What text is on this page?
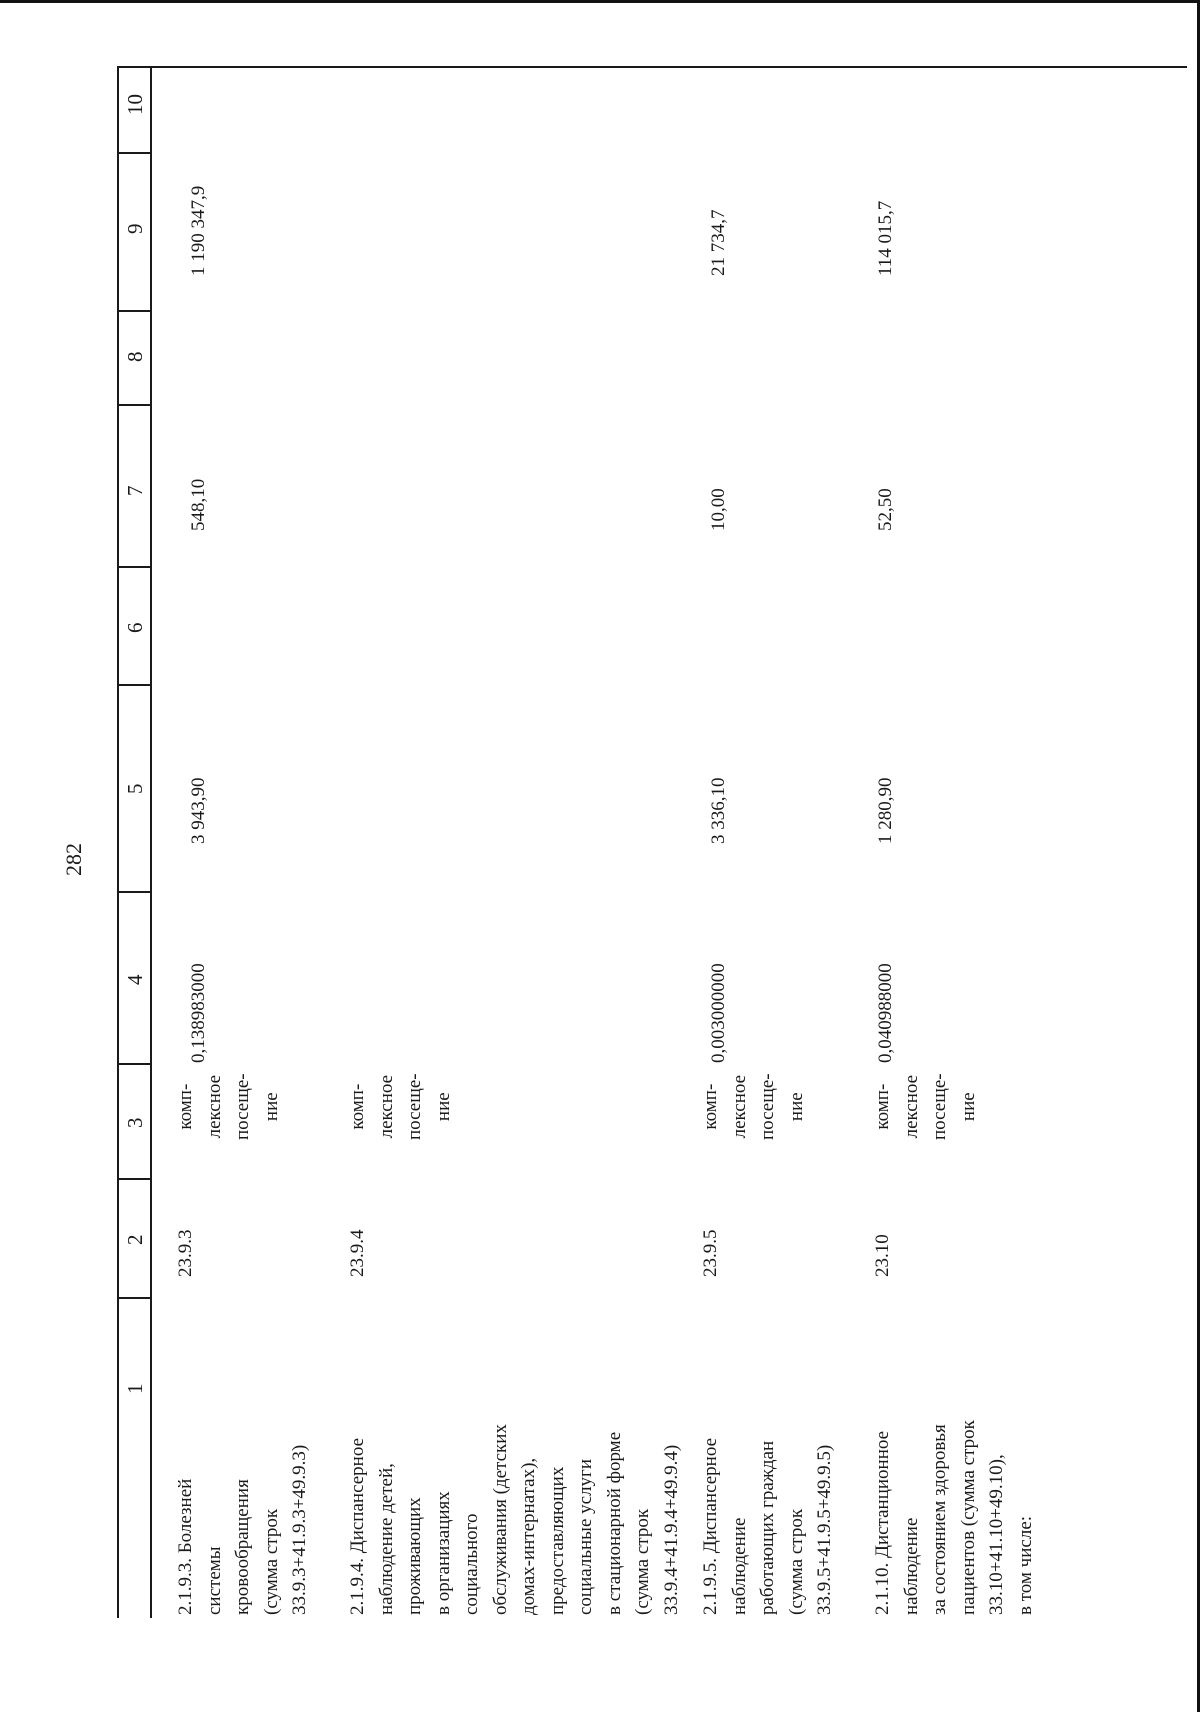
282
1
2
3
4
5
6
7
8
9
10
2.1.9.3. Болезней системы кровообращения (сумма строк 33.9.3+41.9.3+49.9.3)
23.9.3
комп- лексное посеще- ние
0,138983000
3 943,90
548,10
1 190 347,9
2.1.9.4. Диспансерное наблюдение детей, проживающих в организациях социального обслуживания (детских домах-интернатах), предоставляющих социальные услуги в стационарной форме (сумма строк 33.9.4+41.9.4+49.9.4)
23.9.4
комп- лексное посеще- ние
2.1.9.5. Диспансерное наблюдение работающих граждан (сумма строк 33.9.5+41.9.5+49.9.5)
23.9.5
комп- лексное посеще- ние
0,003000000
3 336,10
10,00
21 734,7
2.1.10. Дистанционное наблюдение за состоянием здоровья пациентов (сумма строк 33.10+41.10+49.10), в том числе:
23.10
комп- лексное посеще- ние
0,040988000
1 280,90
52,50
114 015,7
